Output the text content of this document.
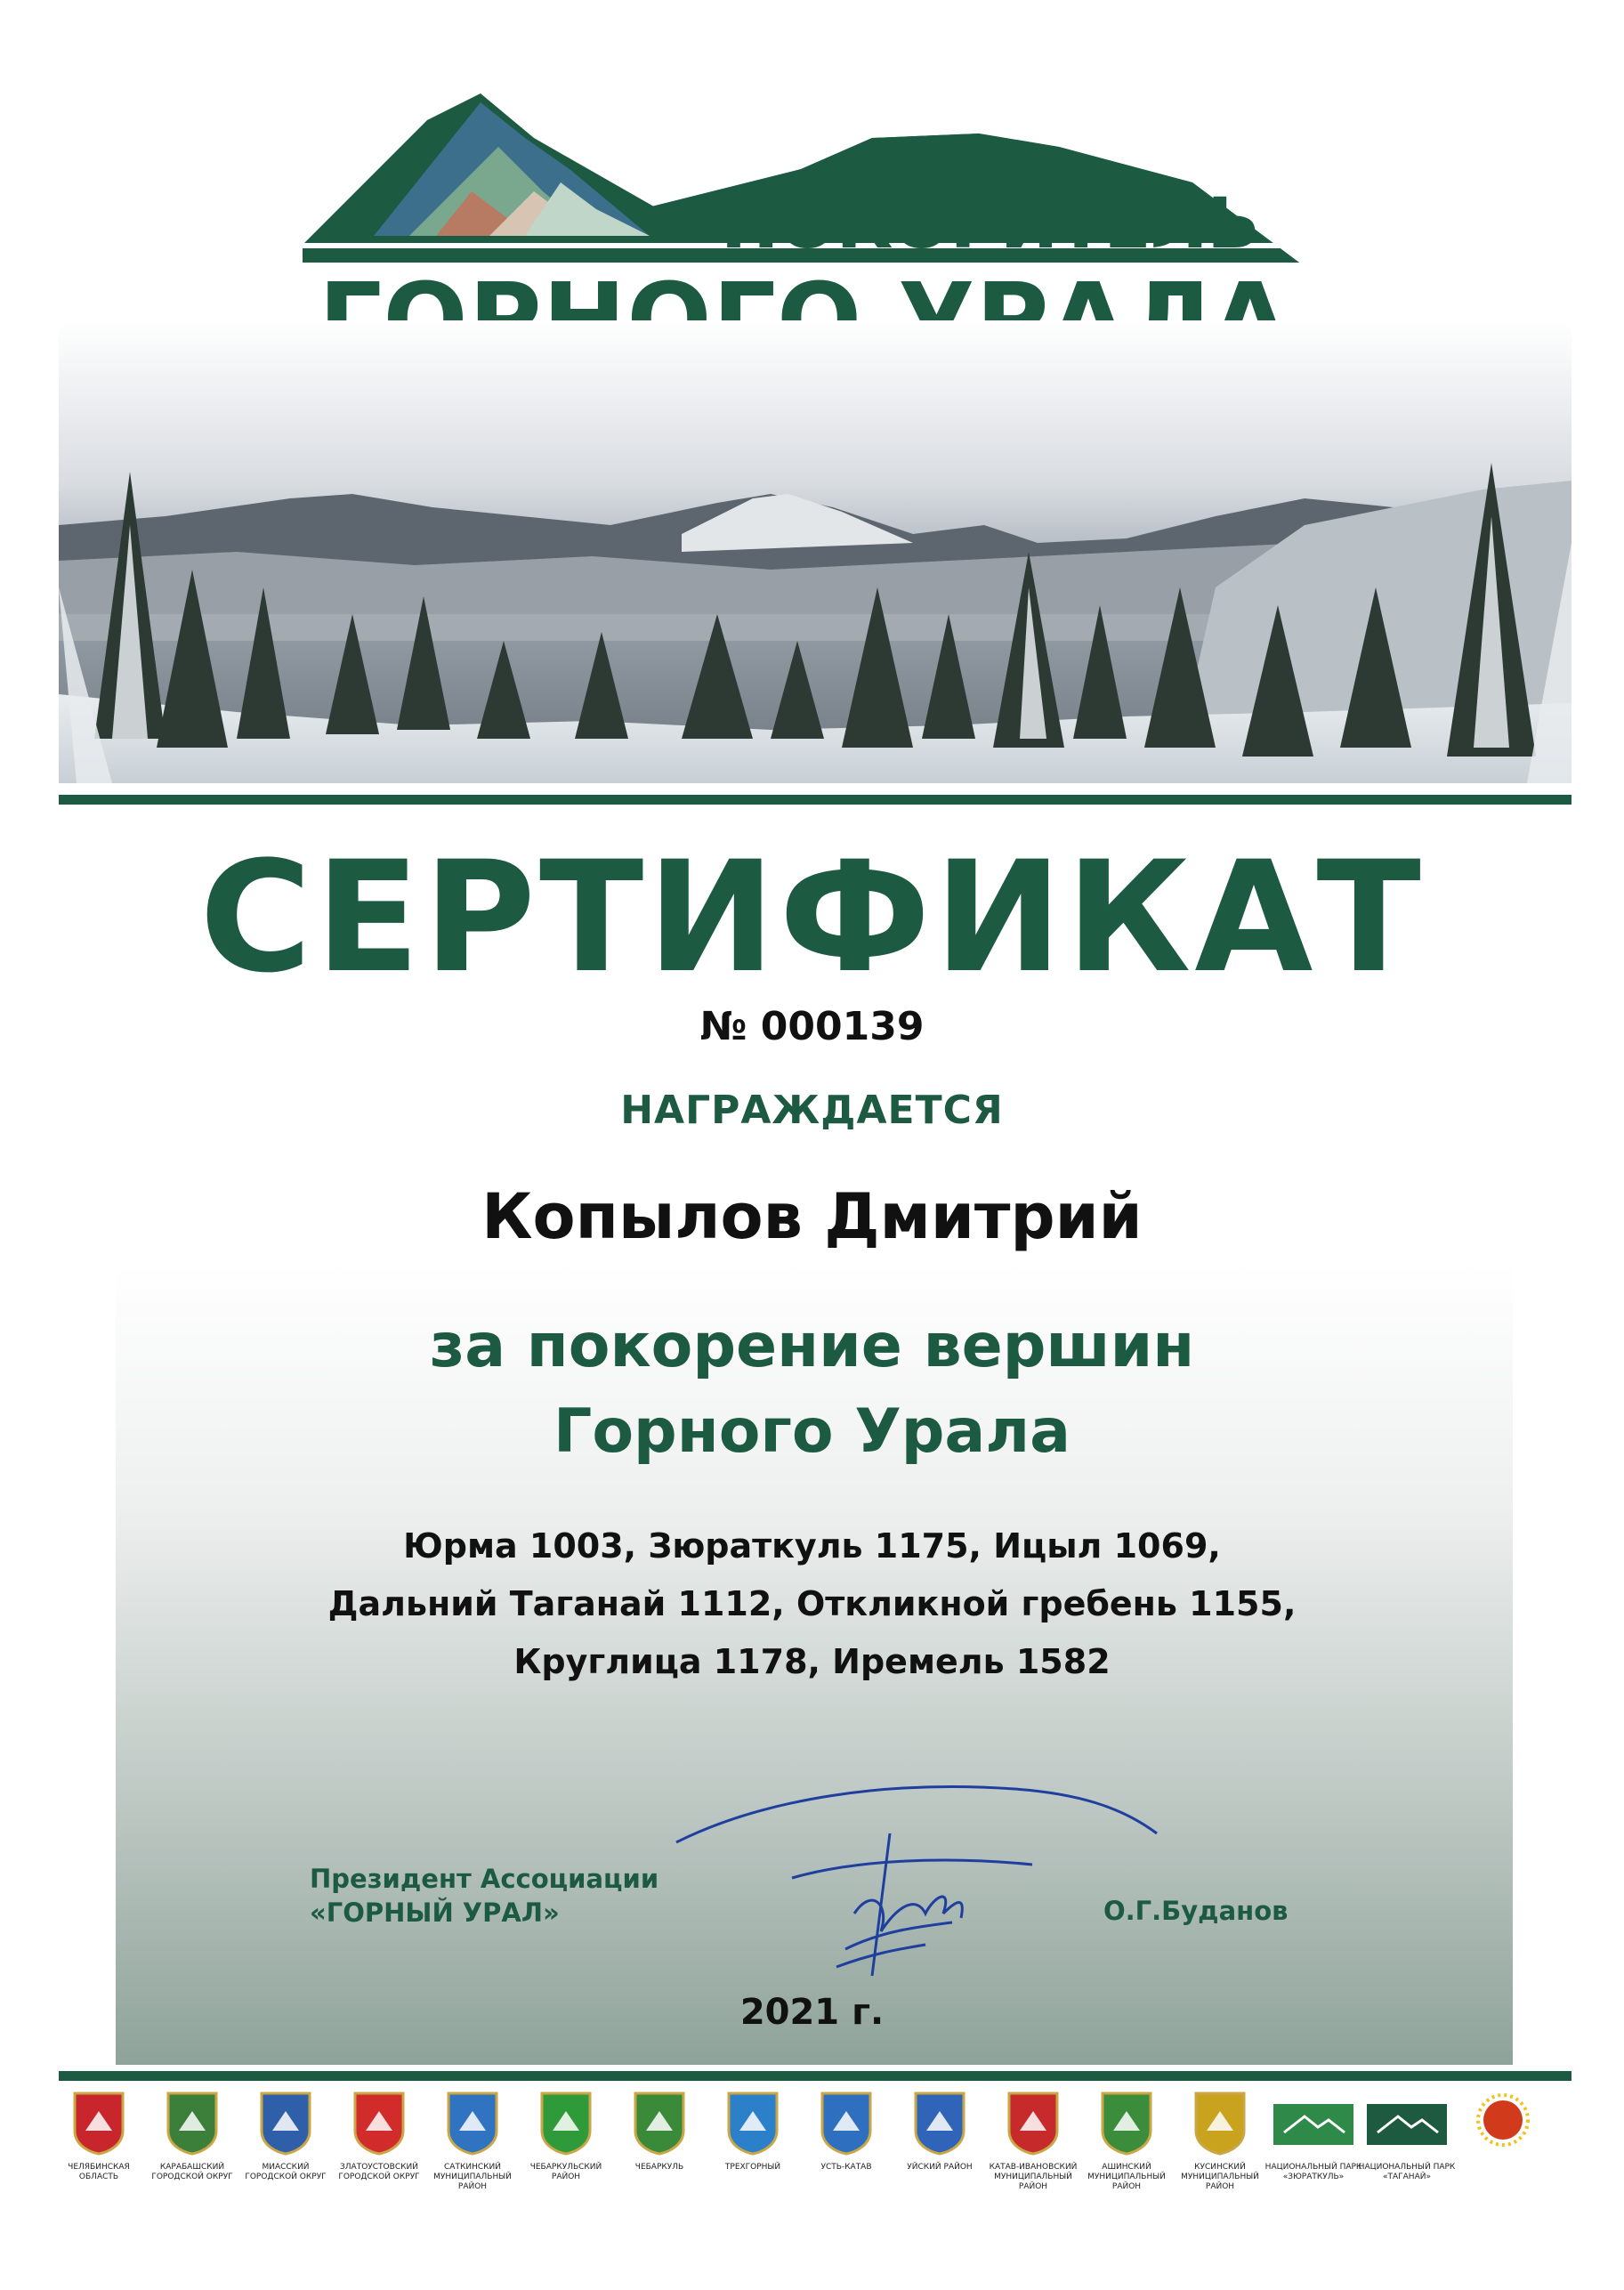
ПОКОРИТЕЛЬ
СЕРТИФИКАТ
№ 000139
НАГРАЖДАЕТСЯ
Копылов Дмитрий
за покорение вершин
Горного Урала
Юрма 1003, Зюраткуль 1175, Ицыл 1069,
Дальний Таганай 1112, Откликной гребень 1155,
Круглица 1178, Иремель 1582
Президент Ассоциации
«ГОРНЫЙ УРАЛ»	О.Г.Буданов
2021 г.
ЧЕЛЯБИНСКАЯ ОБЛАСТЬ
КАРАБАШСКИЙ ГОРОДСКОЙ ОКРУГ
МИАССКИЙ ГОРОДСКОЙ ОКРУГ
ЗЛАТОУСТОВСКИЙ ГОРОДСКОЙ ОКРУГ
САТКИНСКИЙ МУНИЦИПАЛЬНЫЙ РАЙОН
ЧЕБАРКУЛЬСКИЙ РАЙОН
ЧЕБАРКУЛЬ	ТРЕХГОРНЫЙ	УСТЬ-КАТАВ	УЙСКИЙ РАЙОН	КАТАВ-ИВАНОВСКИЙ МУНИЦИПАЛЬНЫЙ РАЙОН
АШИНСКИЙ МУНИЦИПАЛЬНЫЙ РАЙОН
КУСИНСКИЙ МУНИЦИПАЛЬНЫЙ РАЙОН
НАЦИОНАЛЬНЫЙ ПАРК «ЗЮРАТКУЛЬ»
НАЦИОНАЛЬНЫЙ ПАРК «ТАГАНАЙ»
